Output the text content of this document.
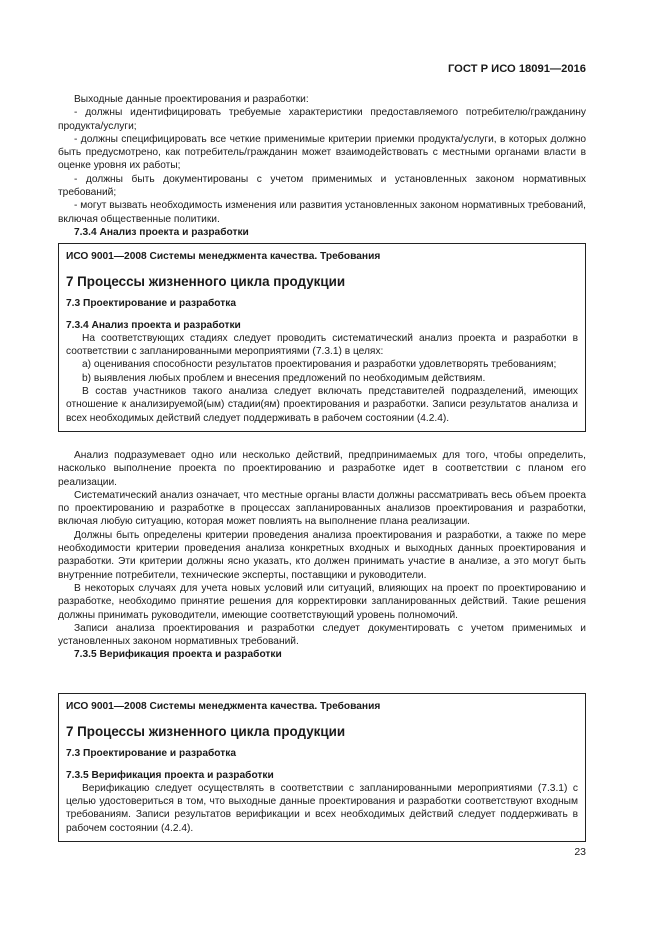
ГОСТ Р ИСО 18091—2016

Выходные данные проектирования и разработки:

- должны идентифицировать требуемые характеристики предоставляемого потребителю/гражданину продукта/услуги;

- должны специфицировать все четкие применимые критерии приемки продукта/услуги, в которых должно быть предусмотрено, как потребитель/гражданин может взаимодействовать с местными органами власти в оценке уровня их работы;

- должны быть документированы с учетом применимых и установленных законом нормативных требований;

- могут вызвать необходимость изменения или развития установленных законом нормативных требований, включая общественные политики.

7.3.4 Анализ проекта и разработки

ИСО 9001—2008 Системы менеджмента качества. Требования

7 Процессы жизненного цикла продукции

7.3 Проектирование и разработка

7.3.4 Анализ проекта и разработки

На соответствующих стадиях следует проводить систематический анализ проекта и разработки в соответствии с запланированными мероприятиями (7.3.1) в целях:

a) оценивания способности результатов проектирования и разработки удовлетворять требованиям;

b) выявления любых проблем и внесения предложений по необходимым действиям.

В состав участников такого анализа следует включать представителей подразделений, имеющих отношение к анализируемой(ым) стадии(ям) проектирования и разработки. Записи результатов анализа и всех необходимых действий следует поддерживать в рабочем состоянии (4.2.4).

Анализ подразумевает одно или несколько действий, предпринимаемых для того, чтобы определить, насколько выполнение проекта по проектированию и разработке идет в соответствии с планом его реализации.

Систематический анализ означает, что местные органы власти должны рассматривать весь объем проекта по проектированию и разработке в процессах запланированных анализов проектирования и разработки, включая любую ситуацию, которая может повлиять на выполнение плана реализации.

Должны быть определены критерии проведения анализа проектирования и разработки, а также по мере необходимости критерии проведения анализа конкретных входных и выходных данных проектирования и разработки. Эти критерии должны ясно указать, кто должен принимать участие в анализе, а это могут быть внутренние потребители, технические эксперты, поставщики и руководители.

В некоторых случаях для учета новых условий или ситуаций, влияющих на проект по проектированию и разработке, необходимо принятие решения для корректировки запланированных действий. Такие решения должны принимать руководители, имеющие соответствующий уровень полномочий.

Записи анализа проектирования и разработки следует документировать с учетом применимых и установленных законом нормативных требований.

7.3.5 Верификация проекта и разработки

ИСО 9001—2008 Системы менеджмента качества. Требования

7 Процессы жизненного цикла продукции

7.3 Проектирование и разработка

7.3.5 Верификация проекта и разработки

Верификацию следует осуществлять в соответствии с запланированными мероприятиями (7.3.1) с целью удостовериться в том, что выходные данные проектирования и разработки соответствуют входным требованиям. Записи результатов верификации и всех необходимых действий следует поддерживать в рабочем состоянии (4.2.4).

23
